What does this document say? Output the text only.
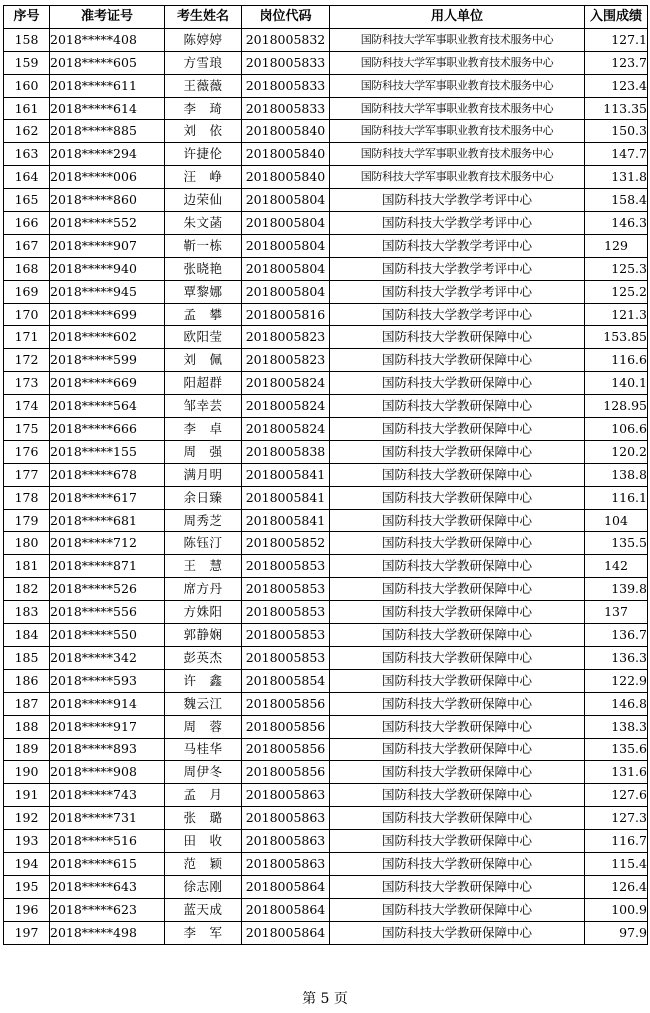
序号	准考证号	考生姓名	岗位代码	用人单位	入围成绩
158	2018*****408	陈婷婷	2018005832	国防科技大学军事职业教育技术服务中心	127.1
159	2018*****605	方雪琅	2018005833	国防科技大学军事职业教育技术服务中心	123.7
160	2018*****611	王薇薇	2018005833	国防科技大学军事职业教育技术服务中心	123.4
161	2018*****614	李　琦	2018005833	国防科技大学军事职业教育技术服务中心	113.35
162	2018*****885	刘　依	2018005840	国防科技大学军事职业教育技术服务中心	150.3
163	2018*****294	许捷伦	2018005840	国防科技大学军事职业教育技术服务中心	147.7
164	2018*****006	汪　峥	2018005840	国防科技大学军事职业教育技术服务中心	131.8
165	2018*****860	边荣仙	2018005804	国防科技大学教学考评中心	158.4
166	2018*****552	朱文菡	2018005804	国防科技大学教学考评中心	146.3
167	2018*****907	靳一栋	2018005804	国防科技大学教学考评中心	129
168	2018*****940	张晓艳	2018005804	国防科技大学教学考评中心	125.3
169	2018*****945	覃黎娜	2018005804	国防科技大学教学考评中心	125.2
170	2018*****699	孟　攀	2018005816	国防科技大学教学考评中心	121.3
171	2018*****602	欧阳莹	2018005823	国防科技大学教研保障中心	153.85
172	2018*****599	刘　佩	2018005823	国防科技大学教研保障中心	116.6
173	2018*****669	阳超群	2018005824	国防科技大学教研保障中心	140.1
174	2018*****564	邹幸芸	2018005824	国防科技大学教研保障中心	128.95
175	2018*****666	李　卓	2018005824	国防科技大学教研保障中心	106.6
176	2018*****155	周　强	2018005838	国防科技大学教研保障中心	120.2
177	2018*****678	满月明	2018005841	国防科技大学教研保障中心	138.8
178	2018*****617	余日臻	2018005841	国防科技大学教研保障中心	116.1
179	2018*****681	周秀芝	2018005841	国防科技大学教研保障中心	104
180	2018*****712	陈钰汀	2018005852	国防科技大学教研保障中心	135.5
181	2018*****871	王　慧	2018005853	国防科技大学教研保障中心	142
182	2018*****526	席方丹	2018005853	国防科技大学教研保障中心	139.8
183	2018*****556	方姝阳	2018005853	国防科技大学教研保障中心	137
184	2018*****550	郭静娴	2018005853	国防科技大学教研保障中心	136.7
185	2018*****342	彭英杰	2018005853	国防科技大学教研保障中心	136.3
186	2018*****593	许　鑫	2018005854	国防科技大学教研保障中心	122.9
187	2018*****914	魏云江	2018005856	国防科技大学教研保障中心	146.8
188	2018*****917	周　蓉	2018005856	国防科技大学教研保障中心	138.3
189	2018*****893	马桂华	2018005856	国防科技大学教研保障中心	135.6
190	2018*****908	周伊冬	2018005856	国防科技大学教研保障中心	131.6
191	2018*****743	孟　月	2018005863	国防科技大学教研保障中心	127.6
192	2018*****731	张　璐	2018005863	国防科技大学教研保障中心	127.3
193	2018*****516	田　收	2018005863	国防科技大学教研保障中心	116.7
194	2018*****615	范　颖	2018005863	国防科技大学教研保障中心	115.4
195	2018*****643	徐志刚	2018005864	国防科技大学教研保障中心	126.4
196	2018*****623	蓝天成	2018005864	国防科技大学教研保障中心	100.9
197	2018*****498	李　军	2018005864	国防科技大学教研保障中心	97.9
第 5 页
